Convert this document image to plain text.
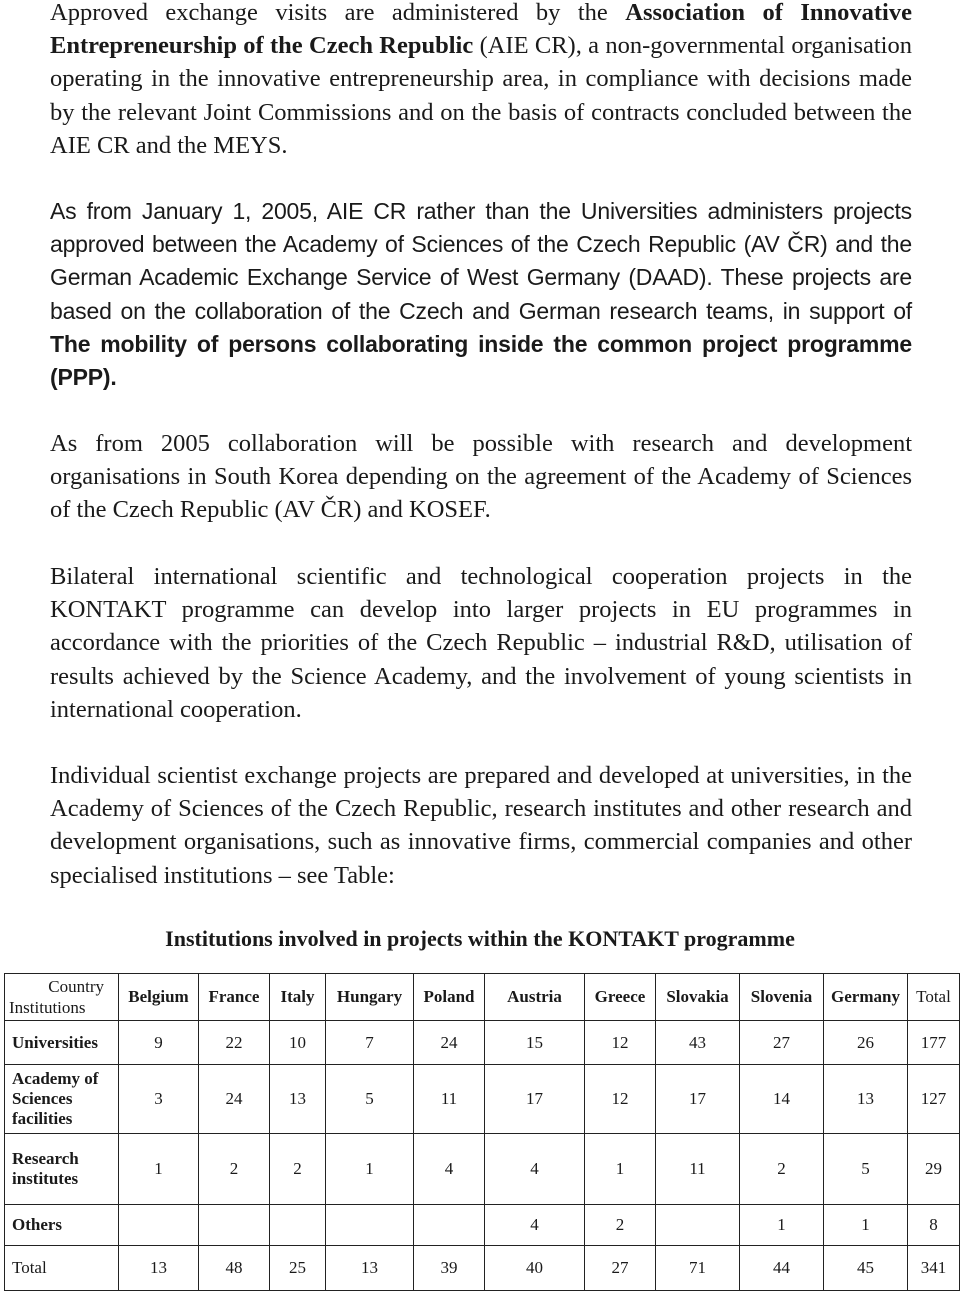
Approved exchange visits are administered by the Association of Innovative Entrepreneurship of the Czech Republic (AIE CR), a non-governmental organisation operating in the innovative entrepreneurship area, in compliance with decisions made by the relevant Joint Commissions and on the basis of contracts concluded between the AIE CR and the MEYS.
As from January 1, 2005, AIE CR rather than the Universities administers projects approved between the Academy of Sciences of the Czech Republic (AV ČR) and the German Academic Exchange Service of West Germany (DAAD). These projects are based on the collaboration of the Czech and German research teams, in support of The mobility of persons collaborating inside the common project programme (PPP).
As from 2005 collaboration will be possible with research and development organisations in South Korea depending on the agreement of the Academy of Sciences of the Czech Republic (AV ČR) and KOSEF.
Bilateral international scientific and technological cooperation projects in the KONTAKT programme can develop into larger projects in EU programmes in accordance with the priorities of the Czech Republic – industrial R&D, utilisation of results achieved by the Science Academy, and the involvement of young scientists in international cooperation.
Individual scientist exchange projects are prepared and developed at universities, in the Academy of Sciences of the Czech Republic, research institutes and other research and development organisations, such as innovative firms, commercial companies and other specialised institutions – see Table:
Institutions involved in projects within the KONTAKT programme
Country
Institutions	Belgium	France	Italy	Hungary	Poland	Austria	Greece	Slovakia	Slovenia	Germany	Total
Universities	9	22	10	7	24	15	12	43	27	26	177
Academy of Sciences facilities	3	24	13	5	11	17	12	17	14	13	127
Research institutes	1	2	2	1	4	4	1	11	2	5	29
Others						4	2		1	1	8
Total	13	48	25	13	39	40	27	71	44	45	341
